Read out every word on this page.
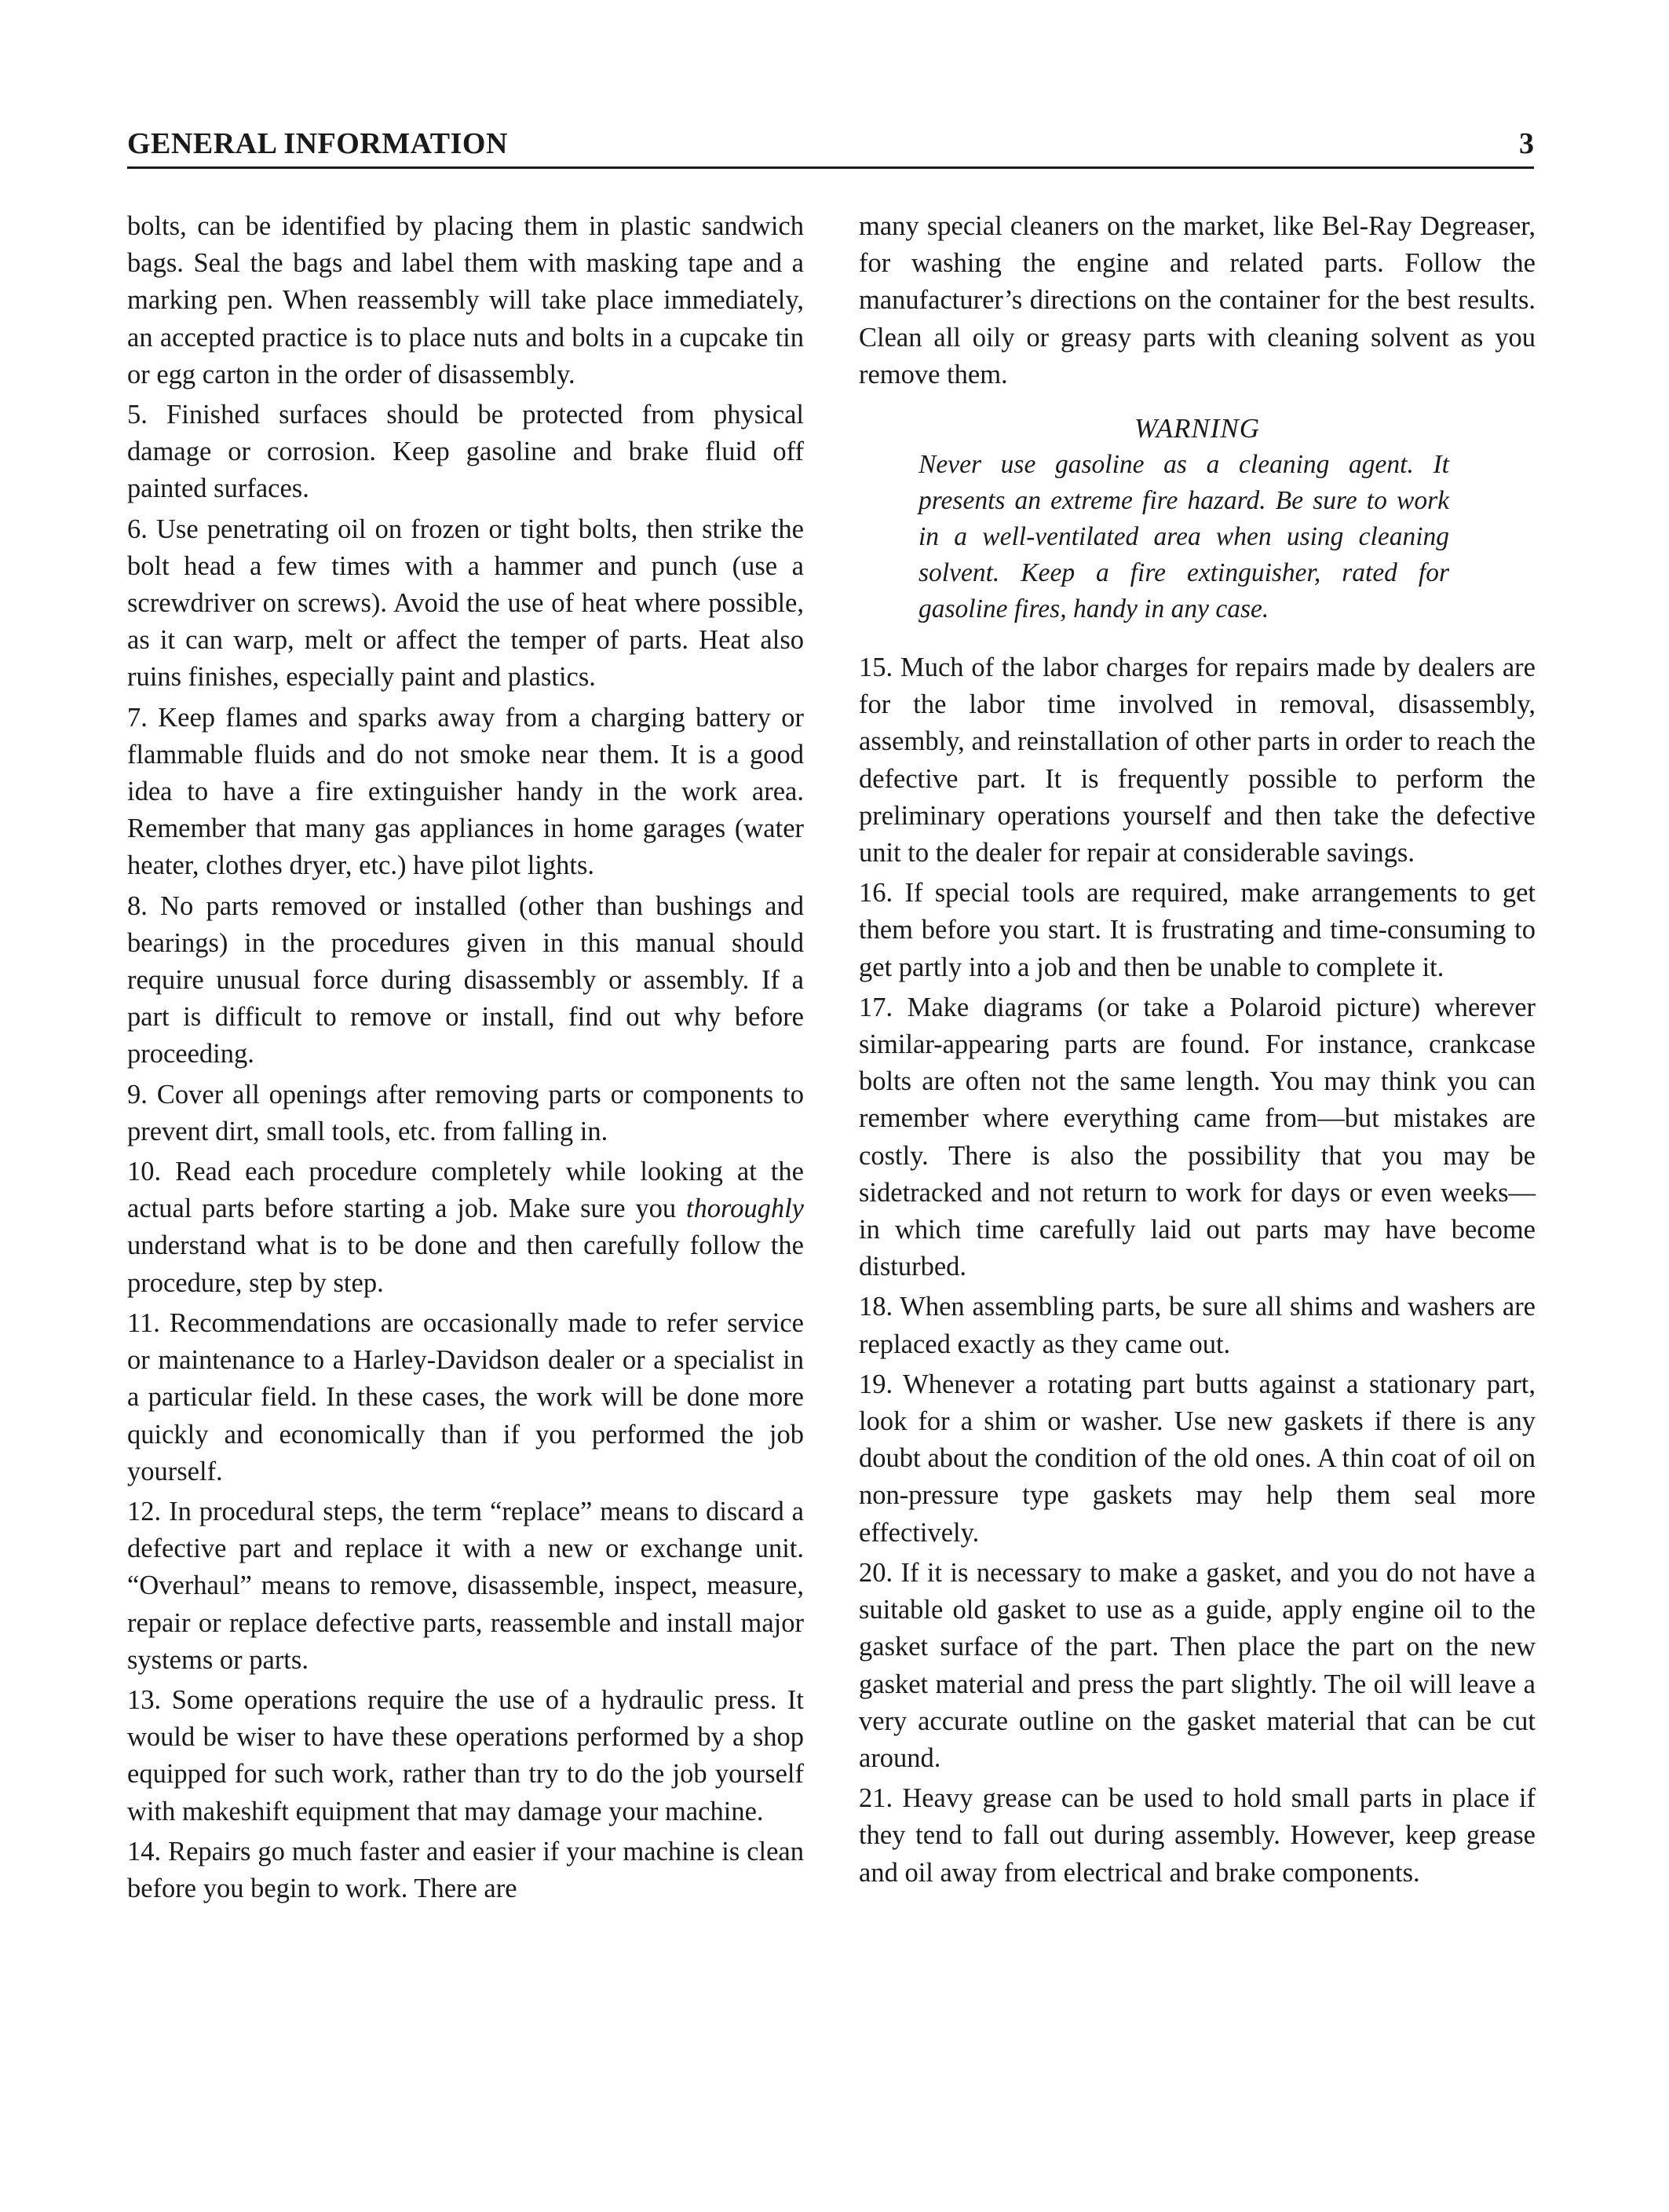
GENERAL INFORMATION	3

bolts, can be identified by placing them in plastic sandwich bags. Seal the bags and label them with masking tape and a marking pen. When reassembly will take place immediately, an accepted practice is to place nuts and bolts in a cupcake tin or egg carton in the order of disassembly.

5. Finished surfaces should be protected from physical damage or corrosion. Keep gasoline and brake fluid off painted surfaces.

6. Use penetrating oil on frozen or tight bolts, then strike the bolt head a few times with a hammer and punch (use a screwdriver on screws). Avoid the use of heat where possible, as it can warp, melt or affect the temper of parts. Heat also ruins finishes, especially paint and plastics.

7. Keep flames and sparks away from a charging battery or flammable fluids and do not smoke near them. It is a good idea to have a fire extinguisher handy in the work area. Remember that many gas appliances in home garages (water heater, clothes dryer, etc.) have pilot lights.

8. No parts removed or installed (other than bushings and bearings) in the procedures given in this manual should require unusual force during disassembly or assembly. If a part is difficult to remove or install, find out why before proceeding.

9. Cover all openings after removing parts or components to prevent dirt, small tools, etc. from falling in.

10. Read each procedure completely while looking at the actual parts before starting a job. Make sure you thoroughly understand what is to be done and then carefully follow the procedure, step by step.

11. Recommendations are occasionally made to refer service or maintenance to a Harley-Davidson dealer or a specialist in a particular field. In these cases, the work will be done more quickly and economically than if you performed the job yourself.

12. In procedural steps, the term “replace” means to discard a defective part and replace it with a new or exchange unit. “Overhaul” means to remove, disassemble, inspect, measure, repair or replace defective parts, reassemble and install major systems or parts.

13. Some operations require the use of a hydraulic press. It would be wiser to have these operations performed by a shop equipped for such work, rather than try to do the job yourself with makeshift equipment that may damage your machine.

14. Repairs go much faster and easier if your machine is clean before you begin to work. There are

many special cleaners on the market, like Bel-Ray Degreaser, for washing the engine and related parts. Follow the manufacturer’s directions on the container for the best results. Clean all oily or greasy parts with cleaning solvent as you remove them.

WARNING
Never use gasoline as a cleaning agent. It presents an extreme fire hazard. Be sure to work in a well-ventilated area when using cleaning solvent. Keep a fire extinguisher, rated for gasoline fires, handy in any case.

15. Much of the labor charges for repairs made by dealers are for the labor time involved in removal, disassembly, assembly, and reinstallation of other parts in order to reach the defective part. It is frequently possible to perform the preliminary operations yourself and then take the defective unit to the dealer for repair at considerable savings.

16. If special tools are required, make arrangements to get them before you start. It is frustrating and time-consuming to get partly into a job and then be unable to complete it.

17. Make diagrams (or take a Polaroid picture) wherever similar-appearing parts are found. For instance, crankcase bolts are often not the same length. You may think you can remember where everything came from—but mistakes are costly. There is also the possibility that you may be sidetracked and not return to work for days or even weeks—in which time carefully laid out parts may have become disturbed.

18. When assembling parts, be sure all shims and washers are replaced exactly as they came out.

19. Whenever a rotating part butts against a stationary part, look for a shim or washer. Use new gaskets if there is any doubt about the condition of the old ones. A thin coat of oil on non-pressure type gaskets may help them seal more effectively.

20. If it is necessary to make a gasket, and you do not have a suitable old gasket to use as a guide, apply engine oil to the gasket surface of the part. Then place the part on the new gasket material and press the part slightly. The oil will leave a very accurate outline on the gasket material that can be cut around.

21. Heavy grease can be used to hold small parts in place if they tend to fall out during assembly. However, keep grease and oil away from electrical and brake components.
